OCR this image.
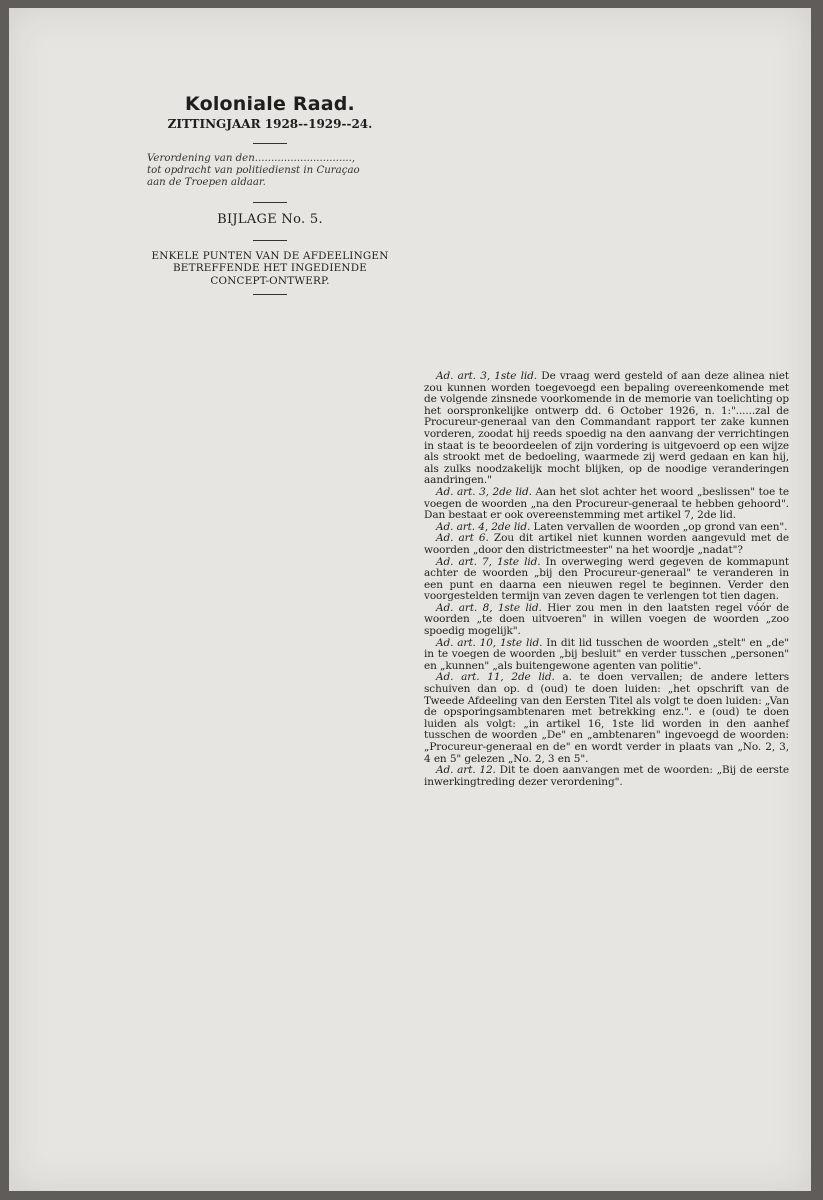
Koloniale Raad.
ZITTINGJAAR 1928--1929--24.
Verordening van den..............................,
tot opdracht van politiedienst in Curaçao
aan de Troepen aldaar.
BIJLAGE No. 5.
ENKELE PUNTEN VAN DE AFDEELINGEN
BETREFFENDE HET INGEDIENDE
CONCEPT-ONTWERP.

Ad. art. 3, 1ste lid. De vraag werd gesteld of aan deze alinea niet zou kunnen worden toegevoegd een bepaling overeenkomende met de volgende zinsnede voorkomende in de memorie van toelichting op het oorspronkelijke ontwerp dd. 6 October 1926, n. 1:"......zal de Procureur-generaal van den Commandant rapport ter zake kunnen vorderen, zoodat hij reeds spoedig na den aanvang der verrichtingen in staat is te beoordeelen of zijn vordering is uitgevoerd op een wijze als strookt met de bedoeling, waarmede zij werd gedaan en kan hij, als zulks noodzakelijk mocht blijken, op de noodige veranderingen aandringen."

Ad. art. 3, 2de lid. Aan het slot achter het woord „beslissen" toe te voegen de woorden „na den Procureur-generaal te hebben gehoord". Dan bestaat er ook overeenstemming met artikel 7, 2de lid.

Ad. art. 4, 2de lid. Laten vervallen de woorden „op grond van een".

Ad. art 6. Zou dit artikel niet kunnen worden aangevuld met de woorden „door den districtmeester" na het woordje „nadat"?

Ad. art. 7, 1ste lid. In overweging werd gegeven de kommapunt achter de woorden „bij den Procureur-generaal" te veranderen in een punt en daarna een nieuwen regel te beginnen. Verder den voorgestelden termijn van zeven dagen te verlengen tot tien dagen.

Ad. art. 8, 1ste lid. Hier zou men in den laatsten regel vóór de woorden „te doen uitvoeren" in willen voegen de woorden „zoo spoedig mogelijk".

Ad. art. 10, 1ste lid. In dit lid tusschen de woorden „stelt" en „de" in te voegen de woorden „bij besluit" en verder tusschen „personen" en „kunnen" „als buitengewone agenten van politie".

Ad. art. 11, 2de lid. a. te doen vervallen; de andere letters schuiven dan op. d (oud) te doen luiden: „het opschrift van de Tweede Afdeeling van den Eersten Titel als volgt te doen luiden: „Van de opsporingsambtenaren met betrekking enz.". e (oud) te doen luiden als volgt: „in artikel 16, 1ste lid worden in den aanhef tusschen de woorden „De" en „ambtenaren" ingevoegd de woorden: „Procureur-generaal en de" en wordt verder in plaats van „No. 2, 3, 4 en 5" gelezen „No. 2, 3 en 5".

Ad. art. 12. Dit te doen aanvangen met de woorden: „Bij de eerste inwerkingtreding dezer verordening".
